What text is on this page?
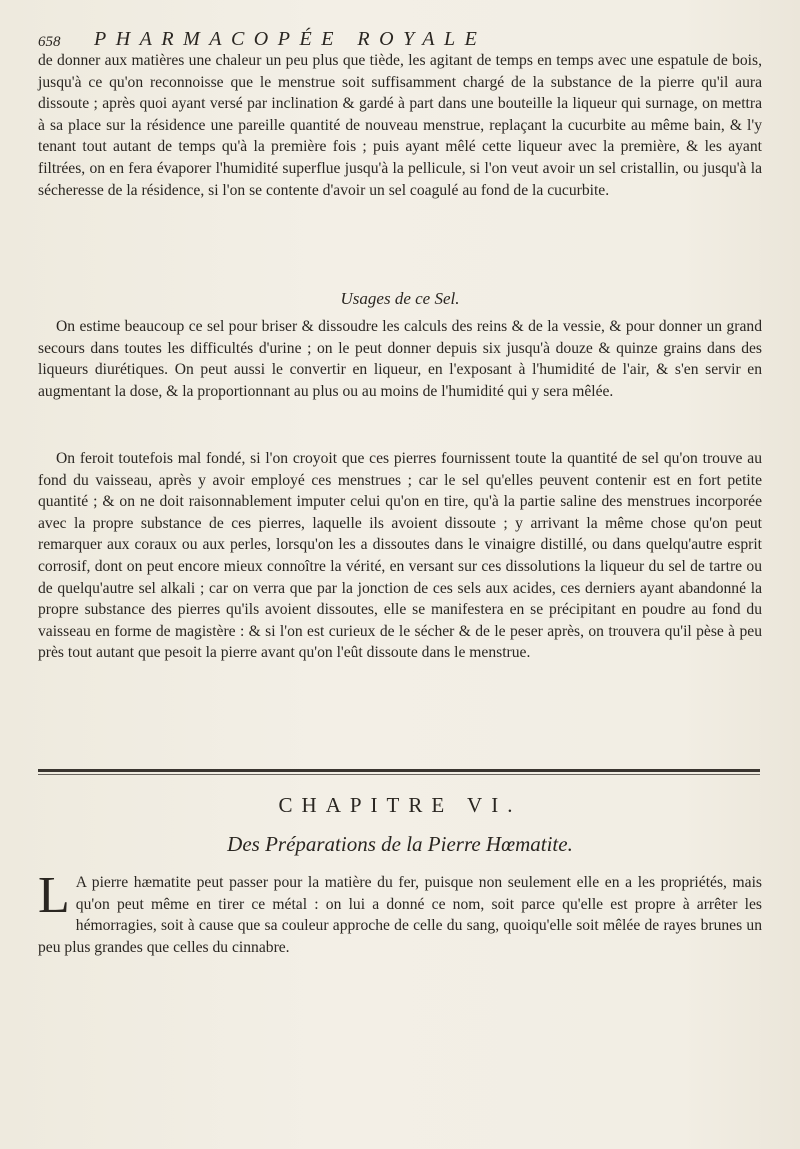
658 PHARMACOPÉE ROYALE

de donner aux matières une chaleur un peu plus que tiède, les agitant de temps en temps avec une espatule de bois, jusqu'à ce qu'on reconnoisse que le menstrue soit suffisamment chargé de la substance de la pierre qu'il aura dissoute ; après quoi ayant versé par inclination & gardé à part dans une bouteille la liqueur qui surnage, on mettra à sa place sur la résidence une pareille quantité de nouveau menstrue, replaçant la cucurbite au même bain, & l'y tenant tout autant de temps qu'à la première fois ; puis ayant mêlé cette liqueur avec la première, & les ayant filtrées, on en fera évaporer l'humidité superflue jusqu'à la pellicule, si l'on veut avoir un sel cristallin, ou jusqu'à la sécheresse de la résidence, si l'on se contente d'avoir un sel coagulé au fond de la cucurbite.

Usages de ce Sel.

On estime beaucoup ce sel pour briser & dissoudre les calculs des reins & de la vessie, & pour donner un grand secours dans toutes les difficultés d'urine ; on le peut donner depuis six jusqu'à douze & quinze grains dans des liqueurs diurétiques. On peut aussi le convertir en liqueur, en l'exposant à l'humidité de l'air, & s'en servir en augmentant la dose, & la proportionnant au plus ou au moins de l'humidité qui y sera mêlée.

On feroit toutefois mal fondé, si l'on croyoit que ces pierres fournissent toute la quantité de sel qu'on trouve au fond du vaisseau, après y avoir employé ces menstrues ; car le sel qu'elles peuvent contenir est en fort petite quantité ; & on ne doit raisonnablement imputer celui qu'on en tire, qu'à la partie saline des menstrues incorporée avec la propre substance de ces pierres, laquelle ils avoient dissoute ; y arrivant la même chose qu'on peut remarquer aux coraux ou aux perles, lorsqu'on les a dissoutes dans le vinaigre distillé, ou dans quelqu'autre esprit corrosif, dont on peut encore mieux connoître la vérité, en versant sur ces dissolutions la liqueur du sel de tartre ou de quelqu'autre sel alkali ; car on verra que par la jonction de ces sels aux acides, ces derniers ayant abandonné la propre substance des pierres qu'ils avoient dissoutes, elle se manifestera en se précipitant en poudre au fond du vaisseau en forme de magistère : & si l'on est curieux de le sécher & de le peser après, on trouvera qu'il pèse à peu près tout autant que pesoit la pierre avant qu'on l'eût dissoute dans le menstrue.

CHAPITRE VI.
Des Préparations de la Pierre Hœmatite.

L A pierre hæmatite peut passer pour la matière du fer, puisque non seulement elle en a les propriétés, mais qu'on peut même en tirer ce métal : on lui a donné ce nom, soit parce qu'elle est propre à arrêter les hémorragies, soit à cause que sa couleur approche de celle du sang, quoiqu'elle soit mêlée de rayes brunes un peu plus grandes que celles du cinnabre.
